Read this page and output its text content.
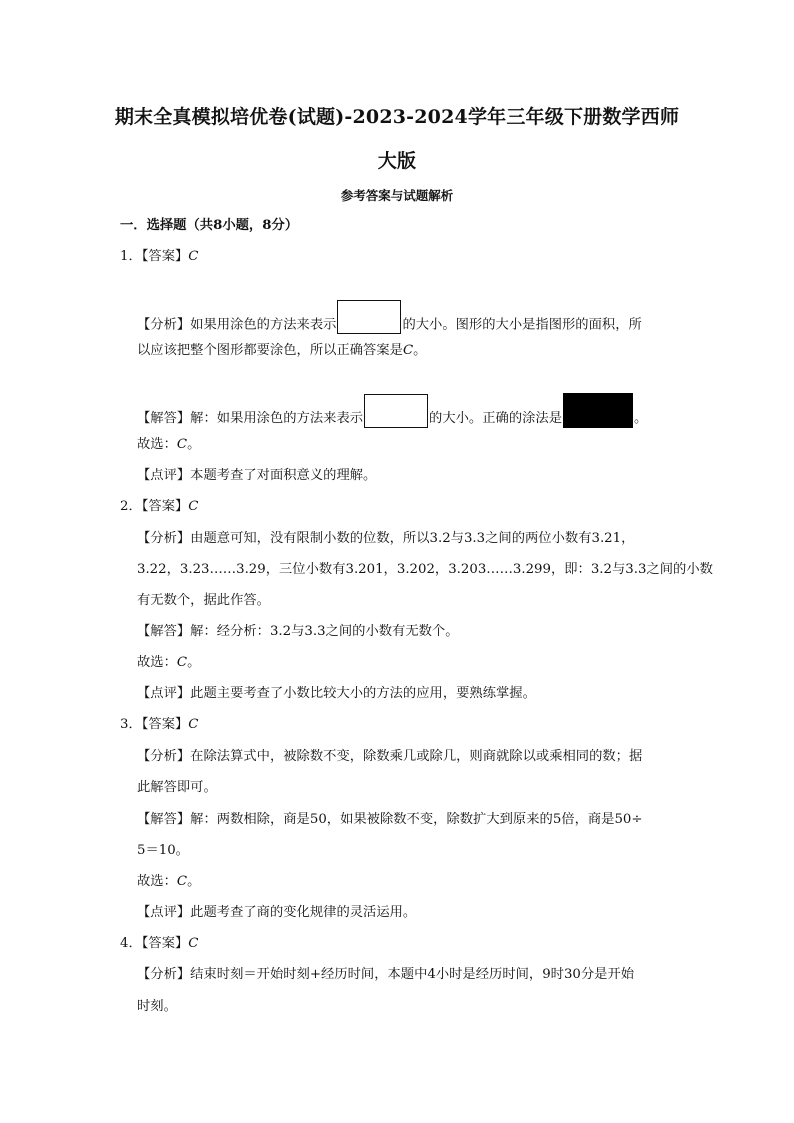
期末全真模拟培优卷(试题)-2023-2024学年三年级下册数学西师
大版
参考答案与试题解析
一．选择题（共8小题，8分）
1．【答案】C
【分析】如果用涂色的方法来表示	的大小。图形的大小是指图形的面积，所
以应该把整个图形都要涂色，所以正确答案是C。
【解答】解：如果用涂色的方法来表示	的大小。正确的涂法是	。
故选：C。
【点评】本题考查了对面积意义的理解。
2．【答案】C
【分析】由题意可知，没有限制小数的位数，所以3.2与3.3之间的两位小数有3.21，
3.22，3.23……3.29，三位小数有3.201，3.202，3.203……3.299，即：3.2与3.3之间的小数
有无数个，据此作答。
【解答】解：经分析：3.2与3.3之间的小数有无数个。
故选：C。
【点评】此题主要考查了小数比较大小的方法的应用，要熟练掌握。
3．【答案】C
【分析】在除法算式中，被除数不变，除数乘几或除几，则商就除以或乘相同的数；据
此解答即可。
【解答】解：两数相除，商是50，如果被除数不变，除数扩大到原来的5倍，商是50÷
5＝10。
故选：C。
【点评】此题考查了商的变化规律的灵活运用。
4．【答案】C
【分析】结束时刻＝开始时刻+经历时间，本题中4小时是经历时间，9时30分是开始
时刻。
